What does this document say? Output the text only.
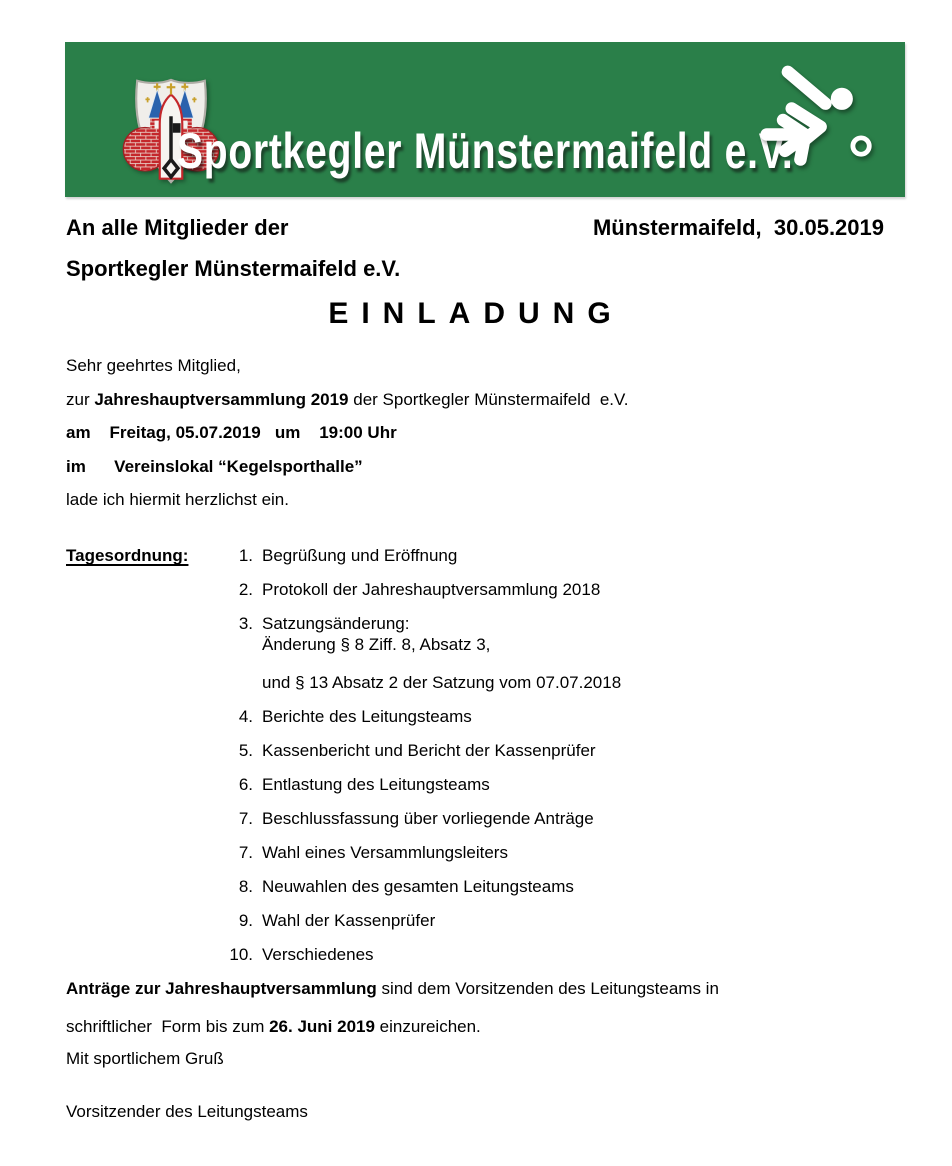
Sportkegler Münstermaifeld e.V.
An alle Mitglieder der	Münstermaifeld,  30.05.2019
Sportkegler Münstermaifeld e.V.
EINLADUNG

Sehr geehrtes Mitglied,

zur Jahreshauptversammlung 2019 der Sportkegler Münstermaifeld  e.V.

am    Freitag, 05.07.2019   um    19:00 Uhr

im      Vereinslokal “Kegelsporthalle”

lade ich hiermit herzlichst ein.

Tagesordnung:	1. Begrüßung und Eröffnung
2. Protokoll der Jahreshauptversammlung 2018
3. Satzungsänderung:
Änderung § 8 Ziff. 8, Absatz 3,
und § 13 Absatz 2 der Satzung vom 07.07.2018
4. Berichte des Leitungsteams
5. Kassenbericht und Bericht der Kassenprüfer
6. Entlastung des Leitungsteams
7. Beschlussfassung über vorliegende Anträge
7. Wahl eines Versammlungsleiters
8. Neuwahlen des gesamten Leitungsteams
9. Wahl der Kassenprüfer
10. Verschiedenes

Anträge zur Jahreshauptversammlung sind dem Vorsitzenden des Leitungsteams in

schriftlicher  Form bis zum 26. Juni 2019 einzureichen.

Mit sportlichem Gruß

Vorsitzender des Leitungsteams
